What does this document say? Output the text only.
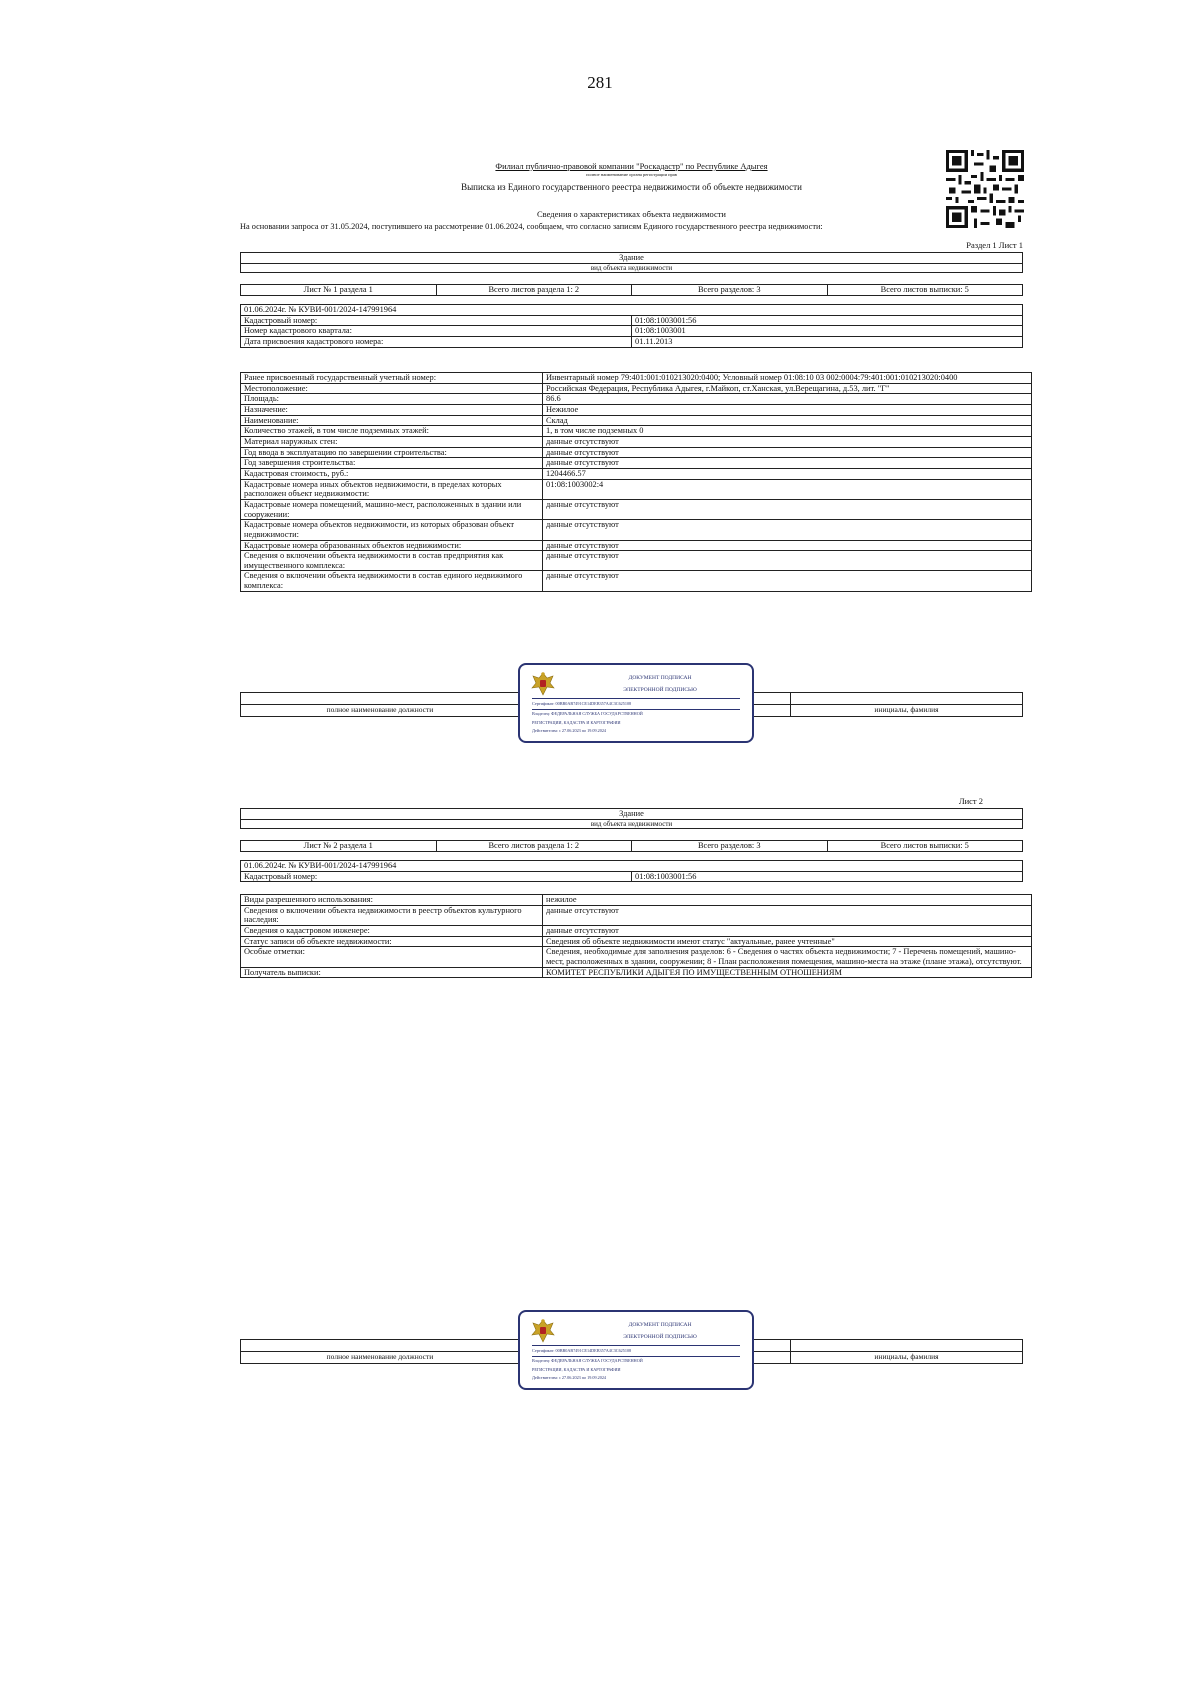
281
Филиал публично-правовой компании "Роскадастр" по Республике Адыгея
полное наименование органа регистрации прав
Выписка из Единого государственного реестра недвижимости об объекте недвижимости
Сведения о характеристиках объекта недвижимости
На основании запроса от 31.05.2024, поступившего на рассмотрение 01.06.2024, сообщаем, что согласно записям Единого государственного реестра недвижимости:
Раздел 1 Лист 1
Здание
вид объекта недвижимости
Лист № 1 раздела 1	Всего листов раздела 1: 2	Всего разделов: 3	Всего листов выписки: 5
01.06.2024г. № КУВИ-001/2024-147991964	
Кадастровый номер:	01:08:1003001:56
Номер кадастрового квартала:	01:08:1003001
Дата присвоения кадастрового номера:	01.11.2013
Ранее присвоенный государственный учетный номер:	Инвентарный номер 79:401:001:010213020:0400; Условный номер 01:08:10 03 002:0004:79:401:001:010213020:0400
Местоположение:	Российская Федерация, Республика Адыгея, г.Майкоп, ст.Ханская, ул.Верещагина, д.53, лит. "Г"
Площадь:	86.6
Назначение:	Нежилое
Наименование:	Склад
Количество этажей, в том числе подземных этажей:	1, в том числе подземных 0
Материал наружных стен:	данные отсутствуют
Год ввода в эксплуатацию по завершении строительства:	данные отсутствуют
Год завершения строительства:	данные отсутствуют
Кадастровая стоимость, руб.:	1204466.57
Кадастровые номера иных объектов недвижимости, в пределах которых расположен объект недвижимости:	01:08:1003002:4
Кадастровые номера помещений, машино-мест, расположенных в здании или сооружении:	данные отсутствуют
Кадастровые номера объектов недвижимости, из которых образован объект недвижимости:	данные отсутствуют
Кадастровые номера образованных объектов недвижимости:	данные отсутствуют
Сведения о включении объекта недвижимости в состав предприятия как имущественного комплекса:	данные отсутствуют
Сведения о включении объекта недвижимости в состав единого недвижимого комплекса:	данные отсутствуют
полное наименование должности	инициалы, фамилия
ДОКУМЕНТ ПОДПИСАН
ЭЛЕКТРОННОЙ ПОДПИСЬЮ
Сертификат: 00BB0AB7491CE14DEB357A4C3C625108
Владелец: ФЕДЕРАЛЬНАЯ СЛУЖБА ГОСУДАРСТВЕННОЙ
РЕГИСТРАЦИИ, КАДАСТРА И КАРТОГРАФИИ
Действителен: с 27.06.2023 по 19.09.2024
Лист 2
Здание
вид объекта недвижимости
Лист № 2 раздела 1	Всего листов раздела 1: 2	Всего разделов: 3	Всего листов выписки: 5
01.06.2024г. № КУВИ-001/2024-147991964
Кадастровый номер:	01:08:1003001:56
Виды разрешенного использования:	нежилое
Сведения о включении объекта недвижимости в реестр объектов культурного наследия:	данные отсутствуют
Сведения о кадастровом инженере:	данные отсутствуют
Статус записи об объекте недвижимости:	Сведения об объекте недвижимости имеют статус "актуальные, ранее учтенные"
Особые отметки:	Сведения, необходимые для заполнения разделов: 6 - Сведения о частях объекта недвижимости; 7 - Перечень помещений, машино-мест, расположенных в здании, сооружении; 8 - План расположения помещения, машино-места на этаже (плане этажа), отсутствуют.
Получатель выписки:	КОМИТЕТ РЕСПУБЛИКИ АДЫГЕЯ ПО ИМУЩЕСТВЕННЫМ ОТНОШЕНИЯМ
полное наименование должности	инициалы, фамилия
ДОКУМЕНТ ПОДПИСАН
ЭЛЕКТРОННОЙ ПОДПИСЬЮ
Сертификат: 00BB0AB7491CE14DEB357A4C3C625108
Владелец: ФЕДЕРАЛЬНАЯ СЛУЖБА ГОСУДАРСТВЕННОЙ
РЕГИСТРАЦИИ, КАДАСТРА И КАРТОГРАФИИ
Действителен: с 27.06.2023 по 19.09.2024
